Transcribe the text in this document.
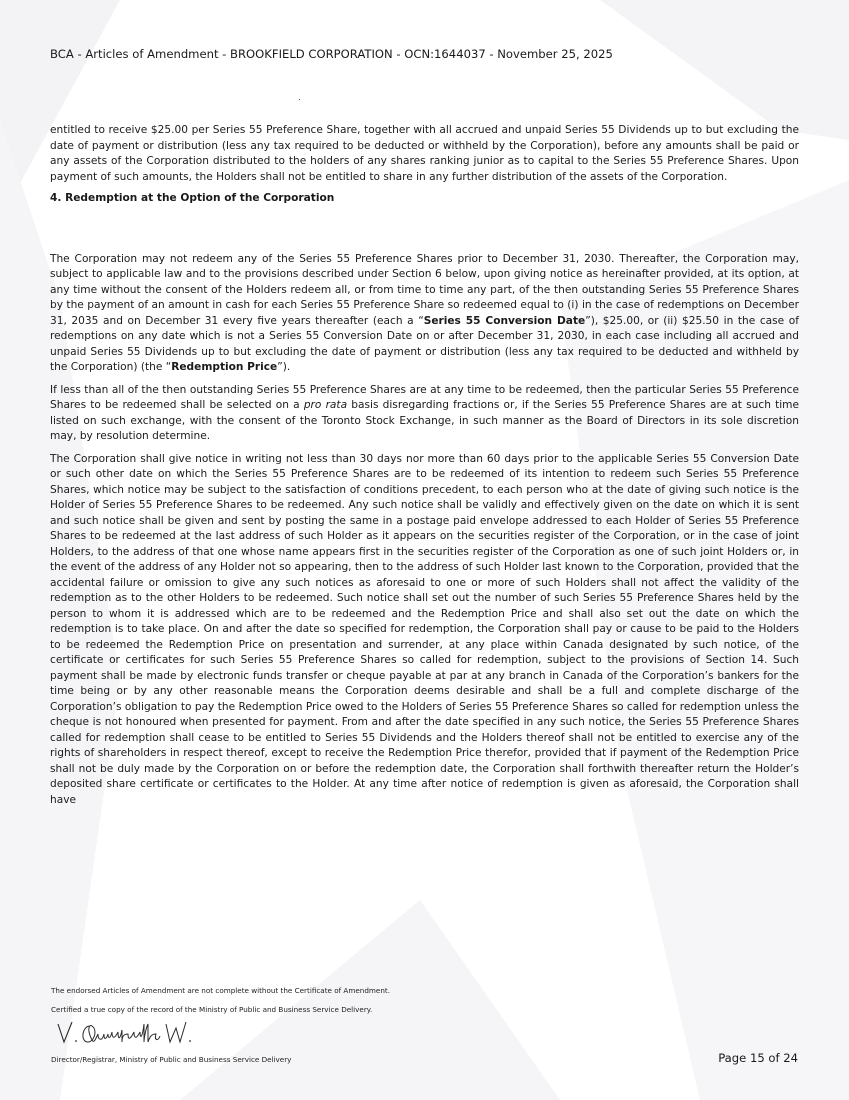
BCA - Articles of Amendment - BROOKFIELD CORPORATION - OCN:1644037 - November 25, 2025

entitled to receive $25.00 per Series 55 Preference Share, together with all accrued and unpaid Series 55 Dividends up to but excluding the date of payment or distribution (less any tax required to be deducted or withheld by the Corporation), before any amounts shall be paid or any assets of the Corporation distributed to the holders of any shares ranking junior as to capital to the Series 55 Preference Shares. Upon payment of such amounts, the Holders shall not be entitled to share in any further distribution of the assets of the Corporation.

4. Redemption at the Option of the Corporation

The Corporation may not redeem any of the Series 55 Preference Shares prior to December 31, 2030. Thereafter, the Corporation may, subject to applicable law and to the provisions described under Section 6 below, upon giving notice as hereinafter provided, at its option, at any time without the consent of the Holders redeem all, or from time to time any part, of the then outstanding Series 55 Preference Shares by the payment of an amount in cash for each Series 55 Preference Share so redeemed equal to (i) in the case of redemptions on December 31, 2035 and on December 31 every five years thereafter (each a “Series 55 Conversion Date”), $25.00, or (ii) $25.50 in the case of redemptions on any date which is not a Series 55 Conversion Date on or after December 31, 2030, in each case including all accrued and unpaid Series 55 Dividends up to but excluding the date of payment or distribution (less any tax required to be deducted and withheld by the Corporation) (the “Redemption Price”).

If less than all of the then outstanding Series 55 Preference Shares are at any time to be redeemed, then the particular Series 55 Preference Shares to be redeemed shall be selected on a pro rata basis disregarding fractions or, if the Series 55 Preference Shares are at such time listed on such exchange, with the consent of the Toronto Stock Exchange, in such manner as the Board of Directors in its sole discretion may, by resolution determine.

The Corporation shall give notice in writing not less than 30 days nor more than 60 days prior to the applicable Series 55 Conversion Date or such other date on which the Series 55 Preference Shares are to be redeemed of its intention to redeem such Series 55 Preference Shares, which notice may be subject to the satisfaction of conditions precedent, to each person who at the date of giving such notice is the Holder of Series 55 Preference Shares to be redeemed. Any such notice shall be validly and effectively given on the date on which it is sent and such notice shall be given and sent by posting the same in a postage paid envelope addressed to each Holder of Series 55 Preference Shares to be redeemed at the last address of such Holder as it appears on the securities register of the Corporation, or in the case of joint Holders, to the address of that one whose name appears first in the securities register of the Corporation as one of such joint Holders or, in the event of the address of any Holder not so appearing, then to the address of such Holder last known to the Corporation, provided that the accidental failure or omission to give any such notices as aforesaid to one or more of such Holders shall not affect the validity of the redemption as to the other Holders to be redeemed. Such notice shall set out the number of such Series 55 Preference Shares held by the person to whom it is addressed which are to be redeemed and the Redemption Price and shall also set out the date on which the redemption is to take place. On and after the date so specified for redemption, the Corporation shall pay or cause to be paid to the Holders to be redeemed the Redemption Price on presentation and surrender, at any place within Canada designated by such notice, of the certificate or certificates for such Series 55 Preference Shares so called for redemption, subject to the provisions of Section 14. Such payment shall be made by electronic funds transfer or cheque payable at par at any branch in Canada of the Corporation’s bankers for the time being or by any other reasonable means the Corporation deems desirable and shall be a full and complete discharge of the Corporation’s obligation to pay the Redemption Price owed to the Holders of Series 55 Preference Shares so called for redemption unless the cheque is not honoured when presented for payment. From and after the date specified in any such notice, the Series 55 Preference Shares called for redemption shall cease to be entitled to Series 55 Dividends and the Holders thereof shall not be entitled to exercise any of the rights of shareholders in respect thereof, except to receive the Redemption Price therefor, provided that if payment of the Redemption Price shall not be duly made by the Corporation on or before the redemption date, the Corporation shall forthwith thereafter return the Holder’s deposited share certificate or certificates to the Holder. At any time after notice of redemption is given as aforesaid, the Corporation shall have

The endorsed Articles of Amendment are not complete without the Certificate of Amendment.
Certified a true copy of the record of the Ministry of Public and Business Service Delivery.
Director/Registrar, Ministry of Public and Business Service Delivery	Page 15 of 24
